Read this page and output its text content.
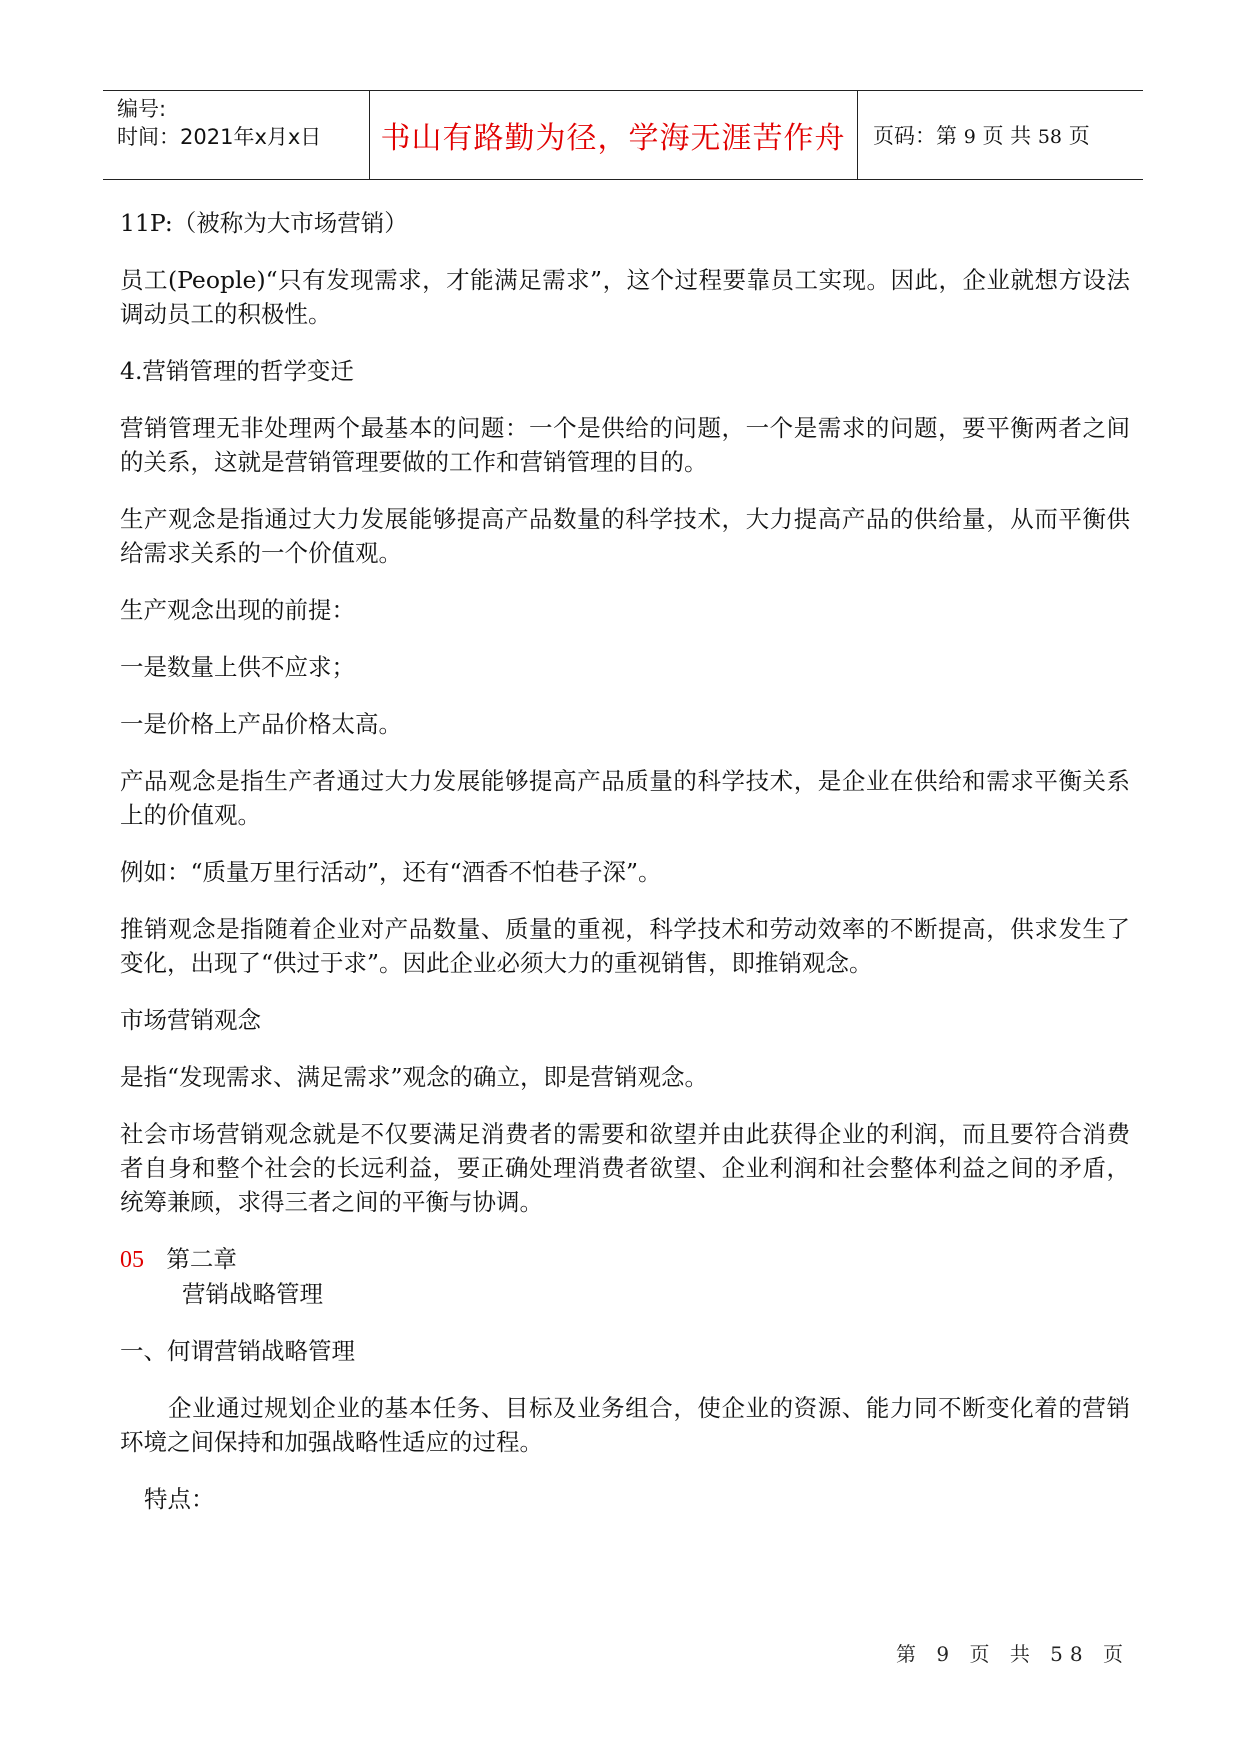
编号:
时间：2021年x月x日 书山有路勤为径，学海无涯苦作舟 页码：第 9 页 共 58 页

11P:（被称为大市场营销）

员工(People)“只有发现需求，才能满足需求”，这个过程要靠员工实现。因此，企业就想方设法调动员工的积极性。

4.营销管理的哲学变迁

营销管理无非处理两个最基本的问题：一个是供给的问题，一个是需求的问题，要平衡两者之间的关系，这就是营销管理要做的工作和营销管理的目的。

生产观念是指通过大力发展能够提高产品数量的科学技术，大力提高产品的供给量，从而平衡供给需求关系的一个价值观。

生产观念出现的前提：

一是数量上供不应求；

一是价格上产品价格太高。

产品观念是指生产者通过大力发展能够提高产品质量的科学技术，是企业在供给和需求平衡关系上的价值观。

例如：“质量万里行活动”，还有“酒香不怕巷子深”。

推销观念是指随着企业对产品数量、质量的重视，科学技术和劳动效率的不断提高，供求发生了变化，出现了“供过于求”。因此企业必须大力的重视销售，即推销观念。

市场营销观念

是指“发现需求、满足需求”观念的确立，即是营销观念。

社会市场营销观念就是不仅要满足消费者的需要和欲望并由此获得企业的利润，而且要符合消费者自身和整个社会的长远利益，要正确处理消费者欲望、企业利润和社会整体利益之间的矛盾，统筹兼顾，求得三者之间的平衡与协调。

05 第二章

营销战略管理

一、何谓营销战略管理

企业通过规划企业的基本任务、目标及业务组合，使企业的资源、能力同不断变化着的营销环境之间保持和加强战略性适应的过程。

特点：

第 9 页 共 58 页
